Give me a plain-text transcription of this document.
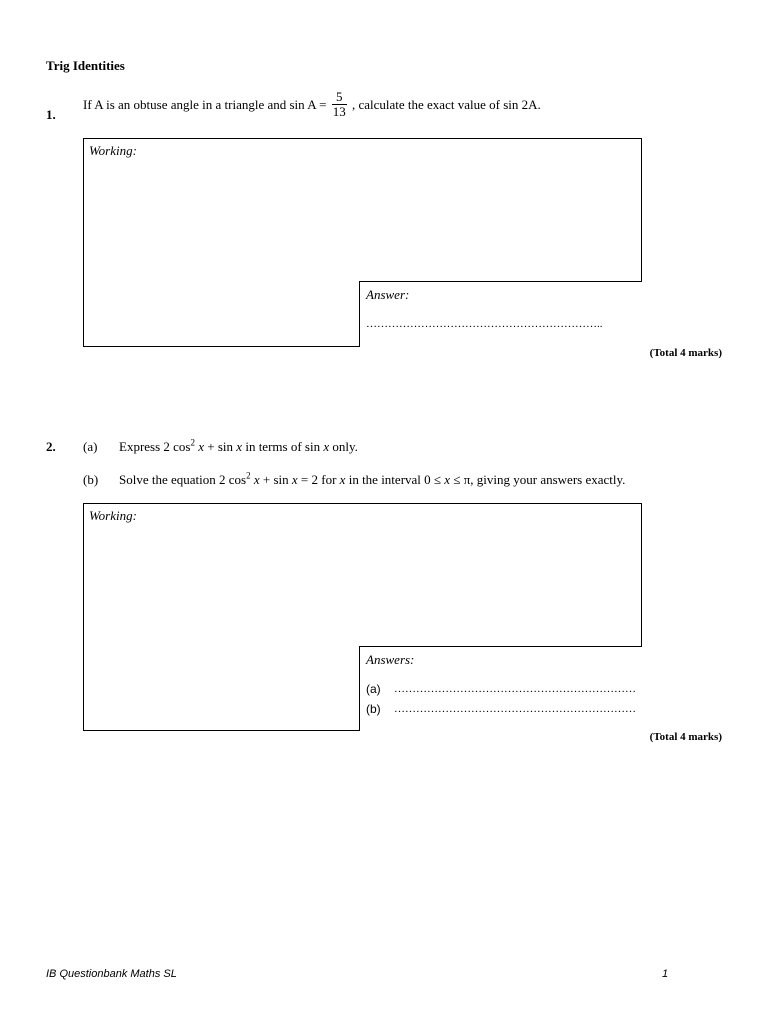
Trig Identities
1.
If A is an obtuse angle in a triangle and $\sin A = \frac{5}{13}$ , calculate the exact value of sin 2A.
Working:
Answer:
………………………………………………………..
(Total 4 marks)
2. (a) Express 2 $\cos^2 x + \sin x$ in terms of sin x only.
(b) Solve the equation 2 $\cos^2 x + \sin x = 2$ for x in the interval 0 ≤ x ≤ π, giving your answers exactly.
Working:
Answers:
(a) …………………………………………………………
(b) …………………………………………………………
(Total 4 marks)
IB Questionbank Maths SL	1
